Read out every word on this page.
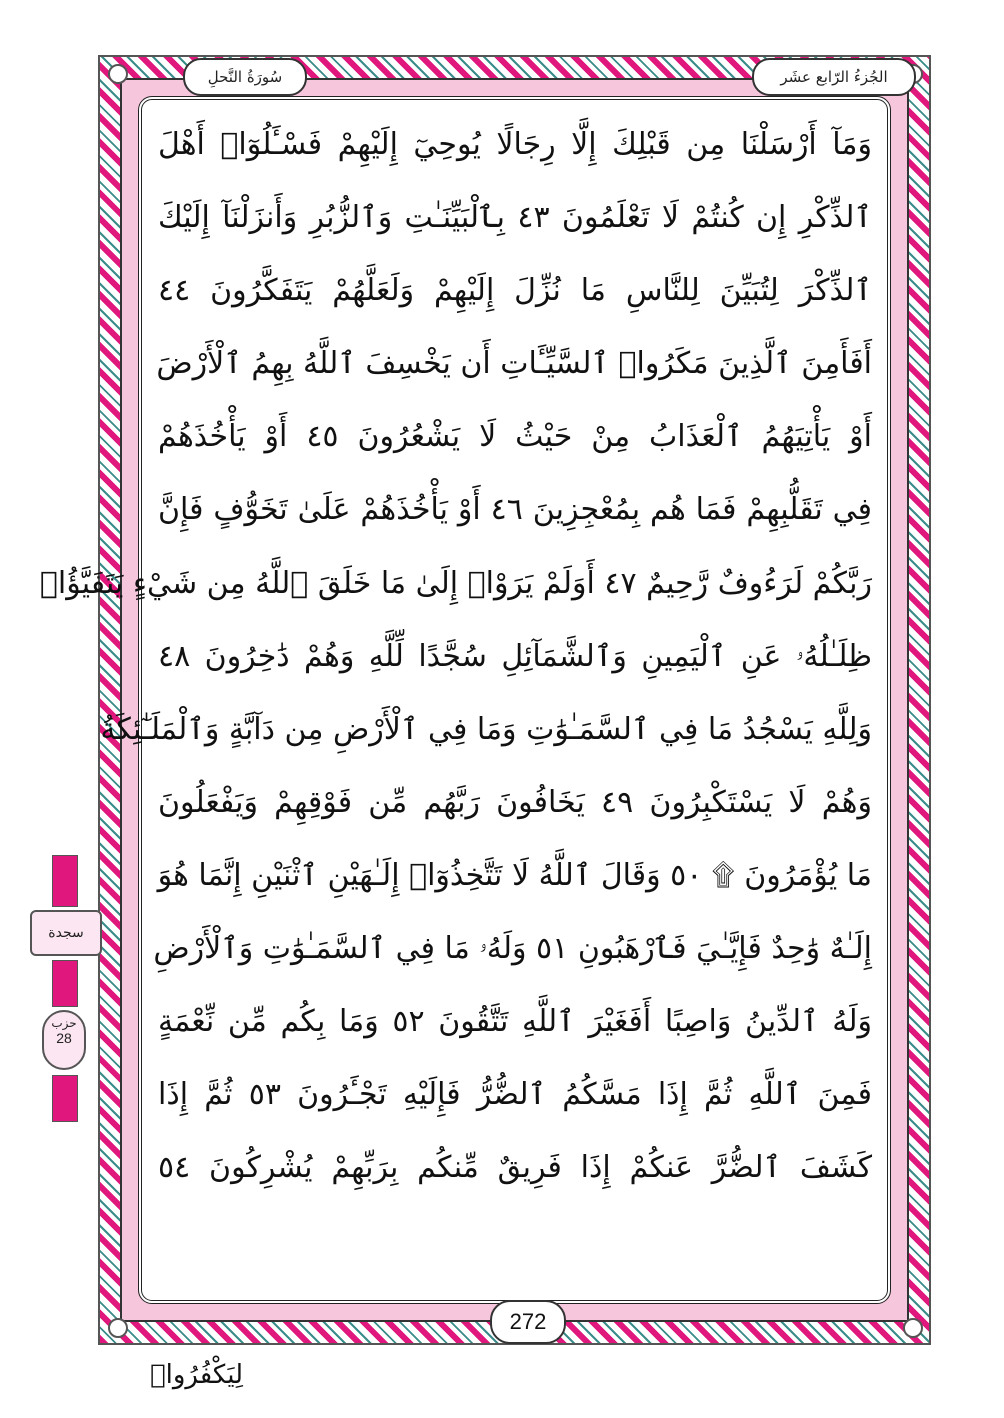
الجُزءُ الرّابع عشَر
سُورَةُ النَّحلِ
وَمَآ أَرْسَلْنَا مِن قَبْلِكَ إِلَّا رِجَالًا يُوحِيٓ إِلَيْهِمْ فَسْـَٔلُوٓا۟ أَهْلَ
ٱلذِّكْرِ إِن كُنتُمْ لَا تَعْلَمُونَ ٤٣ بِٱلْبَيِّنَـٰتِ وَٱلزُّبُرِ وَأَنزَلْنَآ إِلَيْكَ
ٱلذِّكْرَ لِتُبَيِّنَ لِلنَّاسِ مَا نُزِّلَ إِلَيْهِمْ وَلَعَلَّهُمْ يَتَفَكَّرُونَ ٤٤
أَفَأَمِنَ ٱلَّذِينَ مَكَرُوا۟ ٱلسَّيِّـَٔاتِ أَن يَخْسِفَ ٱللَّهُ بِهِمُ ٱلْأَرْضَ
أَوْ يَأْتِيَهُمُ ٱلْعَذَابُ مِنْ حَيْثُ لَا يَشْعُرُونَ ٤٥ أَوْ يَأْخُذَهُمْ
فِي تَقَلُّبِهِمْ فَمَا هُم بِمُعْجِزِينَ ٤٦ أَوْ يَأْخُذَهُمْ عَلَىٰ تَخَوُّفٍ فَإِنَّ
رَبَّكُمْ لَرَءُوفٌ رَّحِيمٌ ٤٧ أَوَلَمْ يَرَوْا۟ إِلَىٰ مَا خَلَقَ ٱللَّهُ مِن شَيْءٍ يَتَفَيَّؤُا۟
ظِلَـٰلُهُۥ عَنِ ٱلْيَمِينِ وَٱلشَّمَآئِلِ سُجَّدًا لِّلَّهِ وَهُمْ دَٰخِرُونَ ٤٨
وَلِلَّهِ يَسْجُدُ مَا فِي ٱلسَّمَـٰوَٰتِ وَمَا فِي ٱلْأَرْضِ مِن دَآبَّةٍ وَٱلْمَلَـٰٓئِكَةُ
وَهُمْ لَا يَسْتَكْبِرُونَ ٤٩ يَخَافُونَ رَبَّهُم مِّن فَوْقِهِمْ وَيَفْعَلُونَ
مَا يُؤْمَرُونَ ۩ ٥٠ وَقَالَ ٱللَّهُ لَا تَتَّخِذُوٓا۟ إِلَـٰهَيْنِ ٱثْنَيْنِ إِنَّمَا هُوَ
إِلَـٰهٌ وَٰحِدٌ فَإِيَّـٰيَ فَٱرْهَبُونِ ٥١ وَلَهُۥ مَا فِي ٱلسَّمَـٰوَٰتِ وَٱلْأَرْضِ
وَلَهُ ٱلدِّينُ وَاصِبًا أَفَغَيْرَ ٱللَّهِ تَتَّقُونَ ٥٢ وَمَا بِكُم مِّن نِّعْمَةٍ
فَمِنَ ٱللَّهِ ثُمَّ إِذَا مَسَّكُمُ ٱلضُّرُّ فَإِلَيْهِ تَجْـَٔرُونَ ٥٣ ثُمَّ إِذَا
كَشَفَ ٱلضُّرَّ عَنكُمْ إِذَا فَرِيقٌ مِّنكُم بِرَبِّهِمْ يُشْرِكُونَ ٥٤
سجدة
حزب
28
272
لِيَكْفُرُوا۟
